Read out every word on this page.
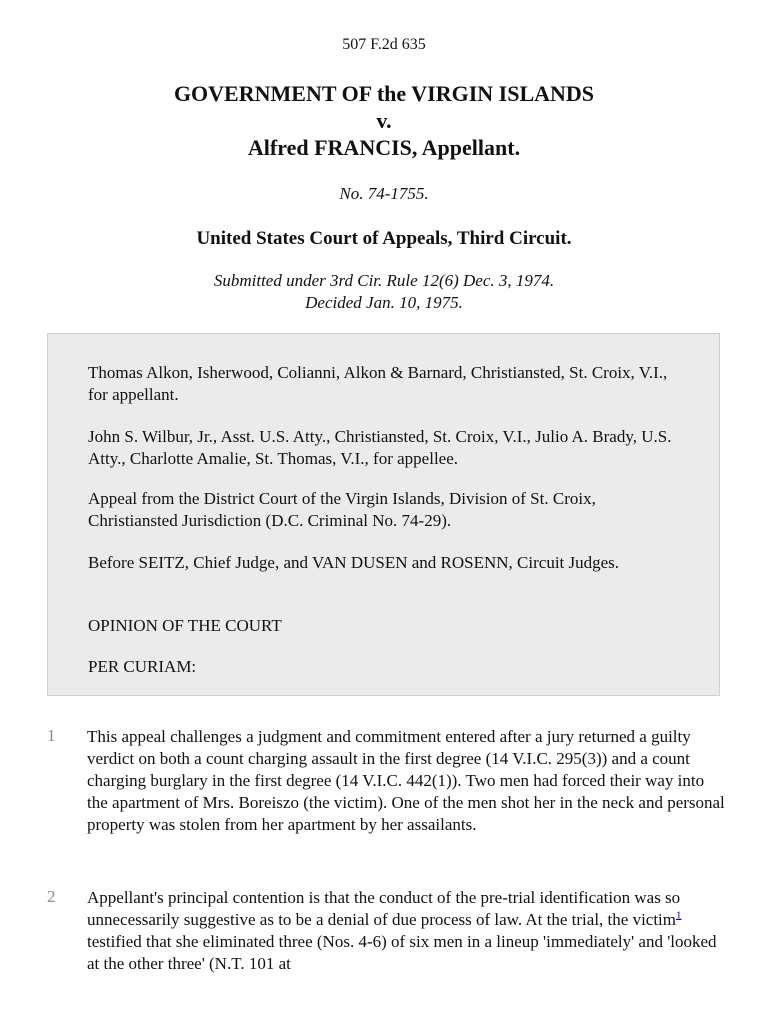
507 F.2d 635
GOVERNMENT OF the VIRGIN ISLANDS
v.
Alfred FRANCIS, Appellant.
No. 74-1755.
United States Court of Appeals, Third Circuit.
Submitted under 3rd Cir. Rule 12(6) Dec. 3, 1974.
Decided Jan. 10, 1975.

Thomas Alkon, Isherwood, Colianni, Alkon & Barnard, Christiansted, St. Croix, V.I., for appellant.

John S. Wilbur, Jr., Asst. U.S. Atty., Christiansted, St. Croix, V.I., Julio A. Brady, U.S. Atty., Charlotte Amalie, St. Thomas, V.I., for appellee.

Appeal from the District Court of the Virgin Islands, Division of St. Croix, Christiansted Jurisdiction (D.C. Criminal No. 74-29).

Before SEITZ, Chief Judge, and VAN DUSEN and ROSENN, Circuit Judges.

OPINION OF THE COURT

PER CURIAM:

1 This appeal challenges a judgment and commitment entered after a jury returned a guilty verdict on both a count charging assault in the first degree (14 V.I.C. 295(3)) and a count charging burglary in the first degree (14 V.I.C. 442(1)). Two men had forced their way into the apartment of Mrs. Boreiszo (the victim). One of the men shot her in the neck and personal property was stolen from her apartment by her assailants.

2 Appellant's principal contention is that the conduct of the pre-trial identification was so unnecessarily suggestive as to be a denial of due process of law. At the trial, the victim$^1$ testified that she eliminated three (Nos. 4-6) of six men in a lineup 'immediately' and 'looked at the other three' (N.T. 101 at
